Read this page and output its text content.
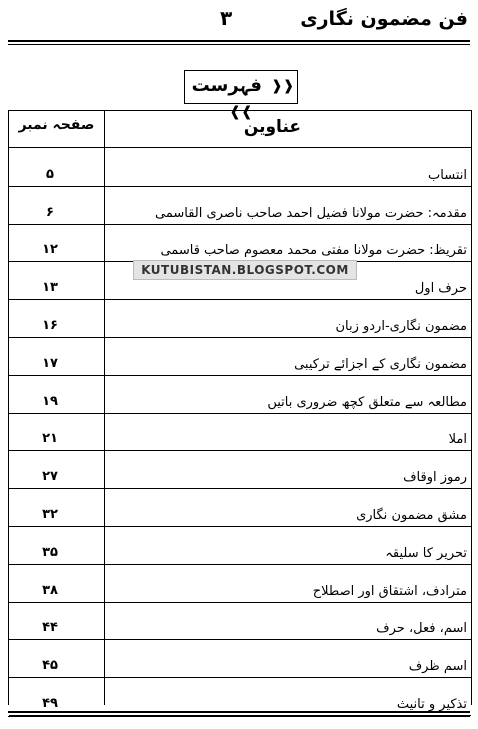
فن مضمون نگاری
۳
❰❰ فہرست ❱❱
عناوین
صفحہ نمبر
انتساب
۵
مقدمہ: حضرت مولانا فضیل احمد صاحب ناصری القاسمی
۶
تقریظ: حضرت مولانا مفتی محمد معصوم صاحب قاسمی
۱۲
حرف اول
۱۳
مضمون نگاری-اردو زبان
۱۶
مضمون نگاری کے اجزائے ترکیبی
۱۷
مطالعہ سے متعلق کچھ ضروری باتیں
۱۹
املا
۲۱
رموز اوقاف
۲۷
مشق مضمون نگاری
۳۲
تحریر کا سلیقہ
۳۵
مترادف، اشتقاق اور اصطلاح
۳۸
اسم، فعل، حرف
۴۴
اسم ظرف
۴۵
تذکیر و تانیث
۴۹
KUTUBISTAN.BLOGSPOT.COM
